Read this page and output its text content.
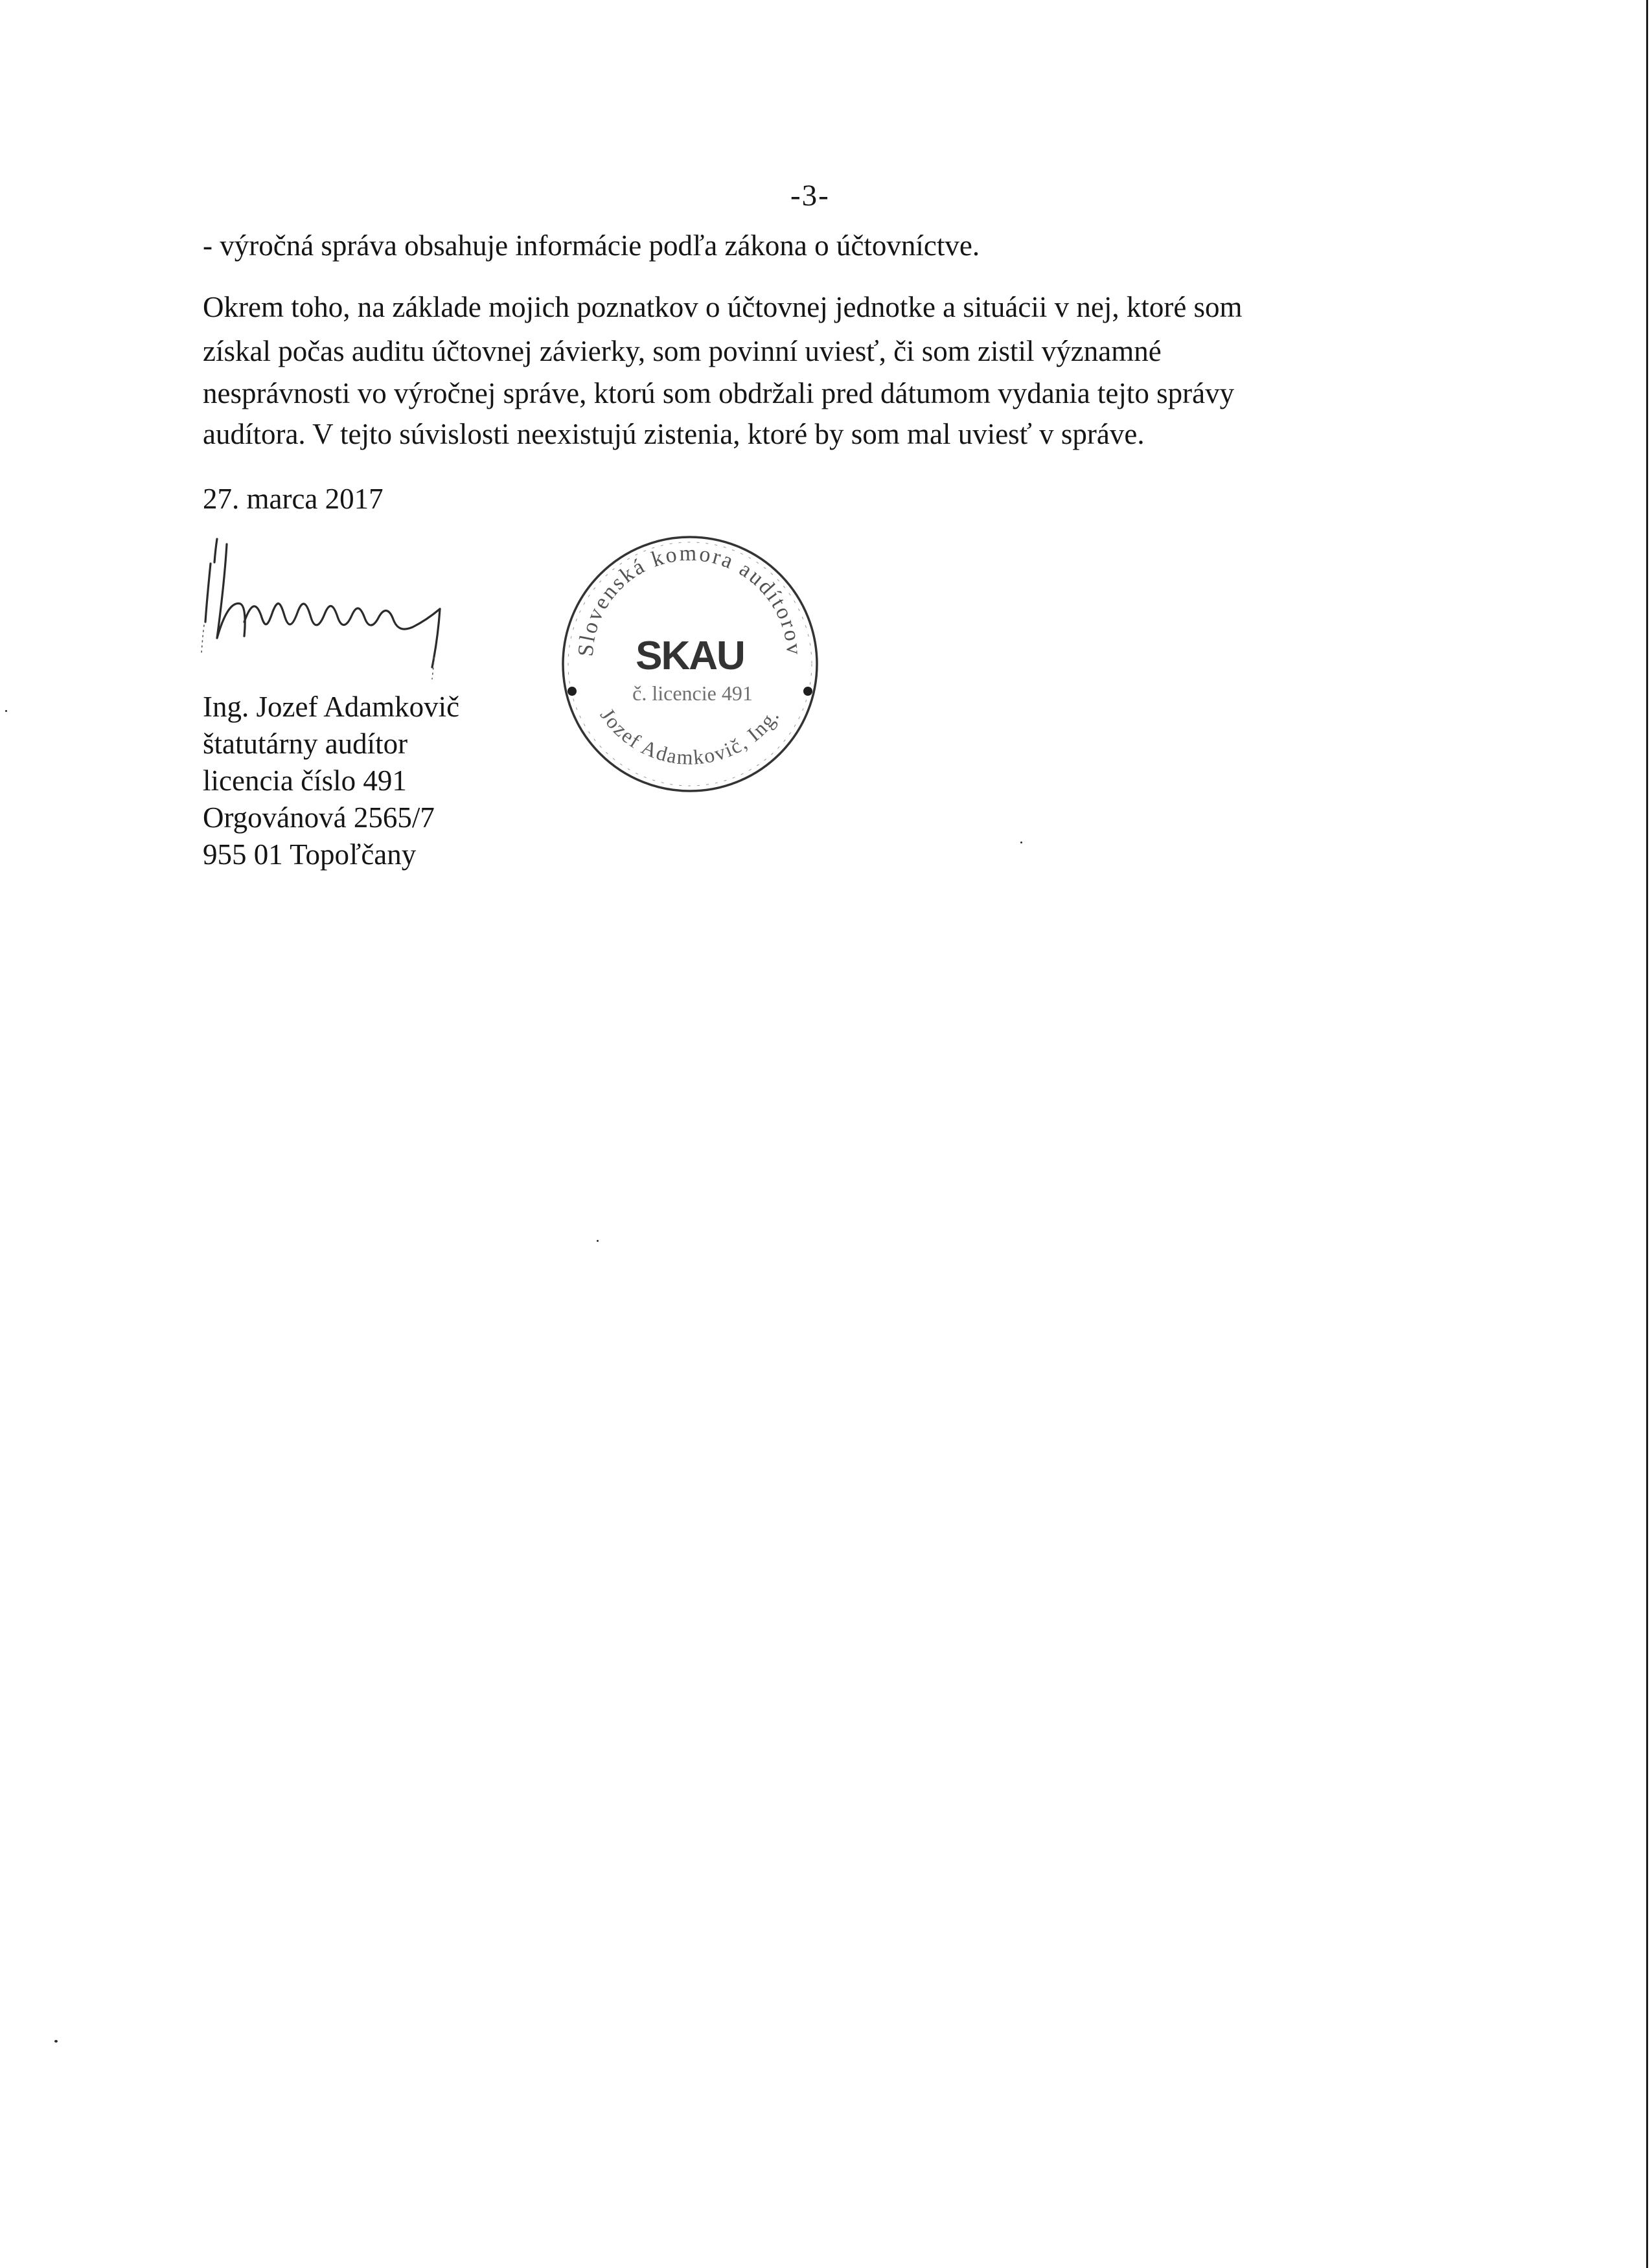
-3-
- výročná správa obsahuje informácie podľa zákona o účtovníctve.
Okrem toho, na základe mojich poznatkov o účtovnej jednotke a situácii v nej, ktoré som
získal počas auditu účtovnej závierky, som povinní uviesť, či som zistil významné
nesprávnosti vo výročnej správe, ktorú som obdržali pred dátumom vydania tejto správy
audítora. V tejto súvislosti neexistujú zistenia, ktoré by som mal uviesť v správe.
27. marca 2017
Ing. Jozef Adamkovič
štatutárny audítor
licencia číslo 491
Orgovánová 2565/7
955 01 Topoľčany
Slovenská komora audítorov
Jozef Adamkovič, Ing.
SKAU
č. licencie 491
